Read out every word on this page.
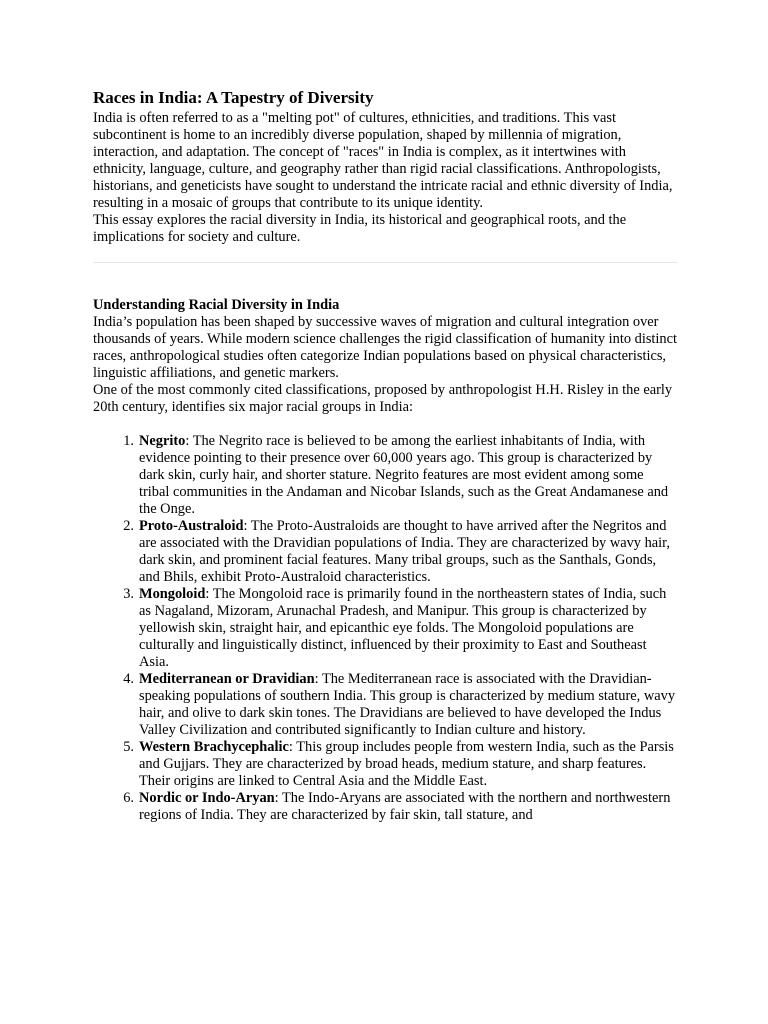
Races in India: A Tapestry of Diversity

India is often referred to as a "melting pot" of cultures, ethnicities, and traditions. This vast subcontinent is home to an incredibly diverse population, shaped by millennia of migration, interaction, and adaptation. The concept of "races" in India is complex, as it intertwines with ethnicity, language, culture, and geography rather than rigid racial classifications. Anthropologists, historians, and geneticists have sought to understand the intricate racial and ethnic diversity of India, resulting in a mosaic of groups that contribute to its unique identity.

This essay explores the racial diversity in India, its historical and geographical roots, and the implications for society and culture.

Understanding Racial Diversity in India

India’s population has been shaped by successive waves of migration and cultural integration over thousands of years. While modern science challenges the rigid classification of humanity into distinct races, anthropological studies often categorize Indian populations based on physical characteristics, linguistic affiliations, and genetic markers.

One of the most commonly cited classifications, proposed by anthropologist H.H. Risley in the early 20th century, identifies six major racial groups in India:

1. Negrito: The Negrito race is believed to be among the earliest inhabitants of India, with evidence pointing to their presence over 60,000 years ago. This group is characterized by dark skin, curly hair, and shorter stature. Negrito features are most evident among some tribal communities in the Andaman and Nicobar Islands, such as the Great Andamanese and the Onge.
2. Proto-Australoid: The Proto-Australoids are thought to have arrived after the Negritos and are associated with the Dravidian populations of India. They are characterized by wavy hair, dark skin, and prominent facial features. Many tribal groups, such as the Santhals, Gonds, and Bhils, exhibit Proto-Australoid characteristics.
3. Mongoloid: The Mongoloid race is primarily found in the northeastern states of India, such as Nagaland, Mizoram, Arunachal Pradesh, and Manipur. This group is characterized by yellowish skin, straight hair, and epicanthic eye folds. The Mongoloid populations are culturally and linguistically distinct, influenced by their proximity to East and Southeast Asia.
4. Mediterranean or Dravidian: The Mediterranean race is associated with the Dravidian-speaking populations of southern India. This group is characterized by medium stature, wavy hair, and olive to dark skin tones. The Dravidians are believed to have developed the Indus Valley Civilization and contributed significantly to Indian culture and history.
5. Western Brachycephalic: This group includes people from western India, such as the Parsis and Gujjars. They are characterized by broad heads, medium stature, and sharp features. Their origins are linked to Central Asia and the Middle East.
6. Nordic or Indo-Aryan: The Indo-Aryans are associated with the northern and northwestern regions of India. They are characterized by fair skin, tall stature, and
